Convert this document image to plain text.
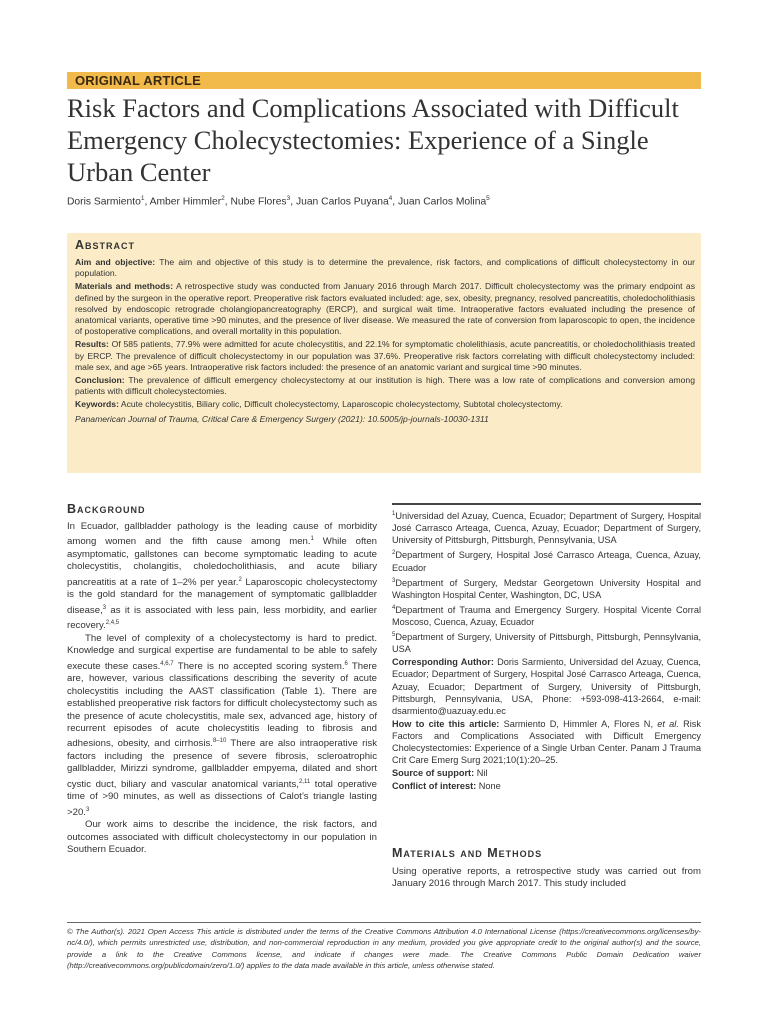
ORIGINAL ARTICLE
Risk Factors and Complications Associated with Difficult Emergency Cholecystectomies: Experience of a Single Urban Center
Doris Sarmiento$^1$, Amber Himmler$^2$, Nube Flores$^3$, Juan Carlos Puyana$^4$, Juan Carlos Molina$^5$
Abstract

Aim and objective: The aim and objective of this study is to determine the prevalence, risk factors, and complications of difficult cholecystectomy in our population.

Materials and methods: A retrospective study was conducted from January 2016 through March 2017. Difficult cholecystectomy was the primary endpoint as defined by the surgeon in the operative report. Preoperative risk factors evaluated included: age, sex, obesity, pregnancy, resolved pancreatitis, choledocholithiasis resolved by endoscopic retrograde cholangiopancreatography (ERCP), and surgical wait time. Intraoperative factors evaluated including the presence of anatomical variants, operative time >90 minutes, and the presence of liver disease. We measured the rate of conversion from laparoscopic to open, the incidence of postoperative complications, and overall mortality in this population.

Results: Of 585 patients, 77.9% were admitted for acute cholecystitis, and 22.1% for symptomatic cholelithiasis, acute pancreatitis, or choledocholithiasis treated by ERCP. The prevalence of difficult cholecystectomy in our population was 37.6%. Preoperative risk factors correlating with difficult cholecystectomy included: male sex, and age >65 years. Intraoperative risk factors included: the presence of an anatomic variant and surgical time >90 minutes.

Conclusion: The prevalence of difficult emergency cholecystectomy at our institution is high. There was a low rate of complications and conversion among patients with difficult cholecystectomies.

Keywords: Acute cholecystitis, Biliary colic, Difficult cholecystectomy, Laparoscopic cholecystectomy, Subtotal cholecystectomy.

Panamerican Journal of Trauma, Critical Care & Emergency Surgery (2021): 10.5005/jp-journals-10030-1311

Background

In Ecuador, gallbladder pathology is the leading cause of morbidity among women and the fifth cause among men.$^1$ While often asymptomatic, gallstones can become symptomatic leading to acute cholecystitis, cholangitis, choledocholithiasis, and acute biliary pancreatitis at a rate of 1–2% per year.$^2$ Laparoscopic cholecystectomy is the gold standard for the management of symptomatic gallbladder disease,$^3$ as it is associated with less pain, less morbidity, and earlier recovery.$^{2,4,5}$

The level of complexity of a cholecystectomy is hard to predict. Knowledge and surgical expertise are fundamental to be able to safely execute these cases.$^{4,6,7}$ There is no accepted scoring system.$^6$ There are, however, various classifications describing the severity of acute cholecystitis including the AAST classification (Table 1). There are established preoperative risk factors for difficult cholecystectomy such as the presence of acute cholecystitis, male sex, advanced age, history of recurrent episodes of acute cholecystitis leading to fibrosis and adhesions, obesity, and cirrhosis.$^{8-10}$ There are also intraoperative risk factors including the presence of severe fibrosis, scleroatrophic gallbladder, Mirizzi syndrome, gallbladder empyema, dilated and short cystic duct, biliary and vascular anatomical variants,$^{2,11}$ total operative time of >90 minutes, as well as dissections of Calot’s triangle lasting >20.$^3$

Our work aims to describe the incidence, the risk factors, and outcomes associated with difficult cholecystectomy in our population in Southern Ecuador.

$^1$Universidad del Azuay, Cuenca, Ecuador; Department of Surgery, Hospital José Carrasco Arteaga, Cuenca, Azuay, Ecuador; Department of Surgery, University of Pittsburgh, Pittsburgh, Pennsylvania, USA

$^2$Department of Surgery, Hospital José Carrasco Arteaga, Cuenca, Azuay, Ecuador

$^3$Department of Surgery, Medstar Georgetown University Hospital and Washington Hospital Center, Washington, DC, USA

$^4$Department of Trauma and Emergency Surgery. Hospital Vicente Corral Moscoso, Cuenca, Azuay, Ecuador

$^5$Department of Surgery, University of Pittsburgh, Pittsburgh, Pennsylvania, USA

Corresponding Author: Doris Sarmiento, Universidad del Azuay, Cuenca, Ecuador; Department of Surgery, Hospital José Carrasco Arteaga, Cuenca, Azuay, Ecuador; Department of Surgery, University of Pittsburgh, Pittsburgh, Pennsylvania, USA, Phone: +593-098-413-2664, e-mail: dsarmiento@uazuay.edu.ec

How to cite this article: Sarmiento D, Himmler A, Flores N, et al. Risk Factors and Complications Associated with Difficult Emergency Cholecystectomies: Experience of a Single Urban Center. Panam J Trauma Crit Care Emerg Surg 2021;10(1):20–25.

Source of support: Nil

Conflict of interest: None

Materials and Methods
Using operative reports, a retrospective study was carried out from January 2016 through March 2017. This study included
© The Author(s). 2021 Open Access This article is distributed under the terms of the Creative Commons Attribution 4.0 International License (https://creativecommons.org/licenses/by-nc/4.0/), which permits unrestricted use, distribution, and non-commercial reproduction in any medium, provided you give appropriate credit to the original author(s) and the source, provide a link to the Creative Commons license, and indicate if changes were made. The Creative Commons Public Domain Dedication waiver (http://creativecommons.org/publicdomain/zero/1.0/) applies to the data made available in this article, unless otherwise stated.
